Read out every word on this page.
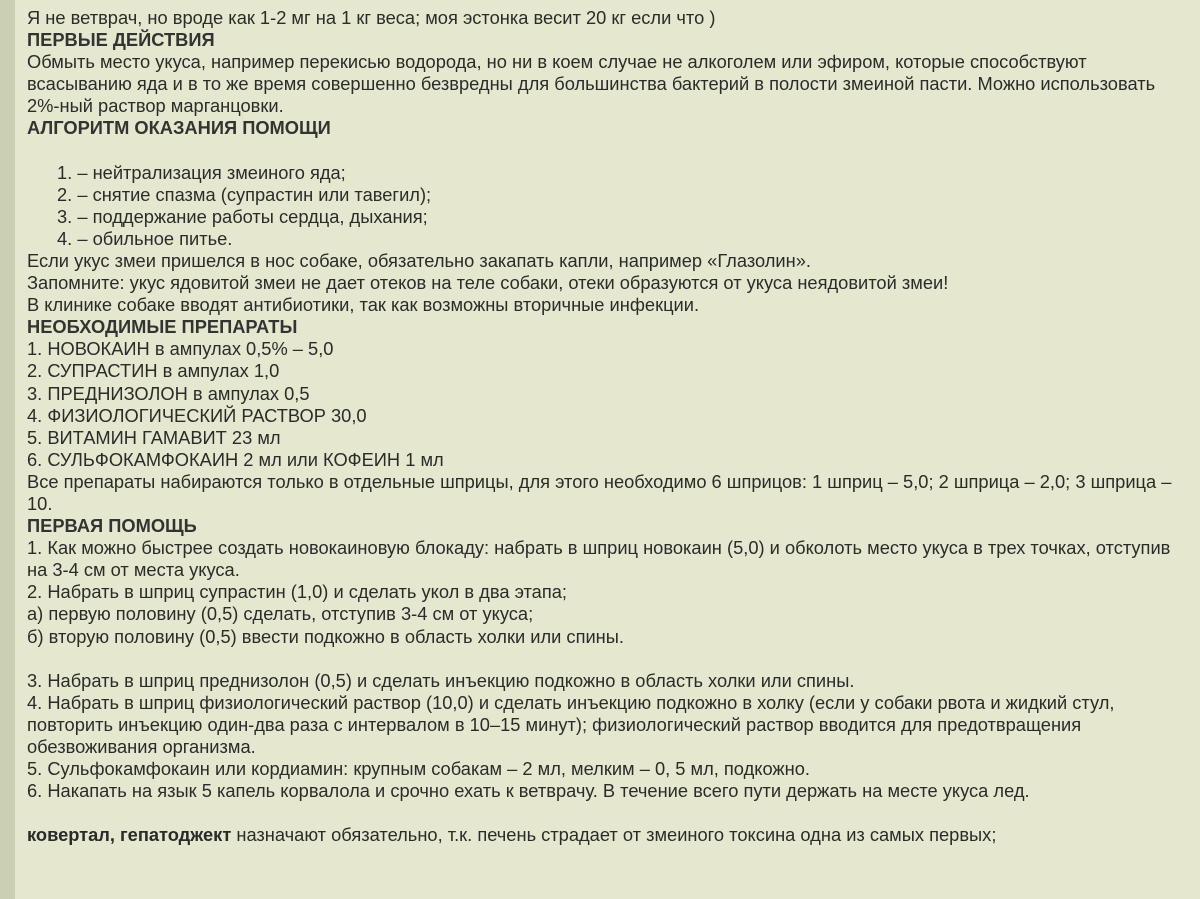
Я не ветврач, но вроде как 1-2 мг на 1 кг веса; моя эстонка весит 20 кг если что )
ПЕРВЫЕ ДЕЙСТВИЯ
Обмыть место укуса, например перекисью водорода, но ни в коем случае не алкоголем или эфиром, которые способствуют всасыванию яда и в то же время совершенно безвредны для большинства бактерий в полости змеиной пасти. Можно использовать 2%-ный раствор марганцовки.
АЛГОРИТМ ОКАЗАНИЯ ПОМОЩИ
1. – нейтрализация змеиного яда;
2. – снятие спазма (супрастин или тавегил);
3. – поддержание работы сердца, дыхания;
4. – обильное питье.
Если укус змеи пришелся в нос собаке, обязательно закапать капли, например «Глазолин».
Запомните: укус ядовитой змеи не дает отеков на теле собаки, отеки образуются от укуса неядовитой змеи!
В клинике собаке вводят антибиотики, так как возможны вторичные инфекции.
НЕОБХОДИМЫЕ ПРЕПАРАТЫ
1. НОВОКАИН в ампулах 0,5% – 5,0
2. СУПРАСТИН в ампулах 1,0
3. ПРЕДНИЗОЛОН в ампулах 0,5
4. ФИЗИОЛОГИЧЕСКИЙ РАСТВОР 30,0
5. ВИТАМИН ГАМАВИТ 23 мл
6. СУЛЬФОКАМФОКАИН 2 мл или КОФЕИН 1 мл
Все препараты набираются только в отдельные шприцы, для этого необходимо 6 шприцов: 1 шприц – 5,0; 2 шприца – 2,0; 3 шприца – 10.
ПЕРВАЯ ПОМОЩЬ
1. Как можно быстрее создать новокаиновую блокаду: набрать в шприц новокаин (5,0) и обколоть место укуса в трех точках, отступив на 3-4 см от места укуса.
2. Набрать в шприц супрастин (1,0) и сделать укол в два этапа;
а) первую половину (0,5) сделать, отступив 3-4 см от укуса;
б) вторую половину (0,5) ввести подкожно в область холки или спины.
3. Набрать в шприц преднизолон (0,5) и сделать инъекцию подкожно в область холки или спины.
4. Набрать в шприц физиологический раствор (10,0) и сделать инъекцию подкожно в холку (если у собаки рвота и жидкий стул, повторить инъекцию один-два раза с интервалом в 10–15 минут); физиологический раствор вводится для предотвращения обезвоживания организма.
5. Сульфокамфокаин или кордиамин: крупным собакам – 2 мл, мелким – 0, 5 мл, подкожно.
6. Накапать на язык 5 капель корвалола и срочно ехать к ветврачу. В течение всего пути держать на месте укуса лед.
ковертал, гепатоджект назначают обязательно, т.к. печень страдает от змеиного токсина одна из самых первых;
